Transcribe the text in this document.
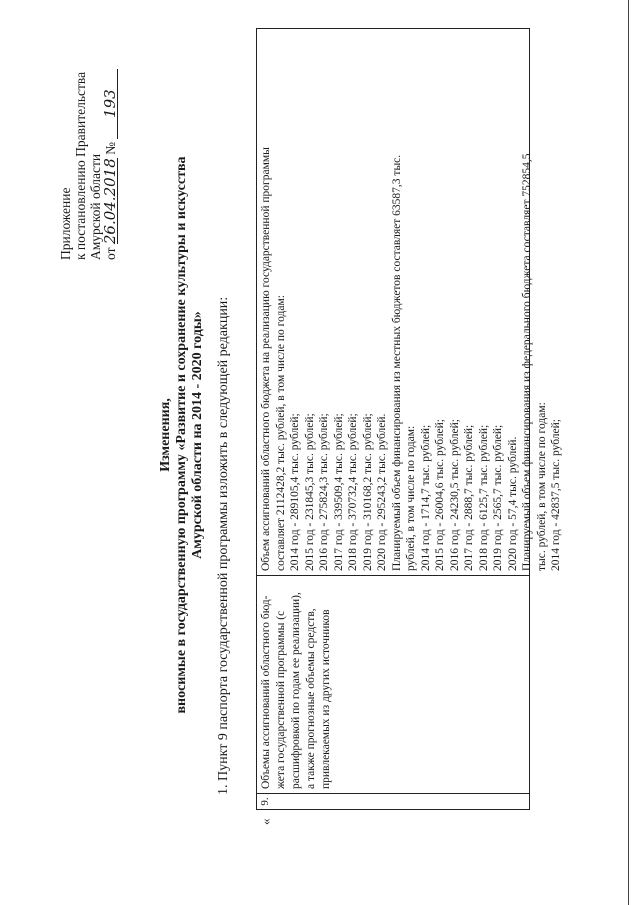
Приложение к постановлению Правительства Амурской области от 26.04.2018 № 193
Изменения, вносимые в государственную программу «Развитие и сохранение культуры и искусства Амурской области на 2014 - 2020 годы» 1. Пункт 9 паспорта государственной программы изложить в следующей редакции:
«
9.
Объемы ассигнований областного бюд- жета государственной программы (с расшифровкой по годам ее реализации), а также прогнозные объемы средств, привлекаемых из других источников
Объем ассигнований областного бюджета на реализацию государственной программы составляет 2112428,2 тыс. рублей, в том числе по годам: 2014 год - 289105,4 тыс. рублей; 2015 год - 231845,3 тыс. рублей; 2016 год - 275824,3 тыс. рублей; 2017 год - 339509,4 тыс. рублей; 2018 год - 370732,4 тыс. рублей; 2019 год - 310168,2 тыс. рублей; 2020 год - 295243,2 тыс. рублей. Планируемый объем финансирования из местных бюджетов составляет 63587,3 тыс. рублей, в том числе по годам: 2014 год - 1714,7 тыс. рублей; 2015 год - 26004,6 тыс. рублей; 2016 год - 24230,5 тыс. рублей; 2017 год - 2888,7 тыс. рублей; 2018 год - 6125,7 тыс. рублей; 2019 год - 2565,7 тыс. рублей; 2020 год - 57,4 тыс. рублей. Планируемый объем финансирования из федерального бюджета составляет 752854,5 тыс. рублей, в том числе по годам: 2014 год - 42837,5 тыс. рублей;
